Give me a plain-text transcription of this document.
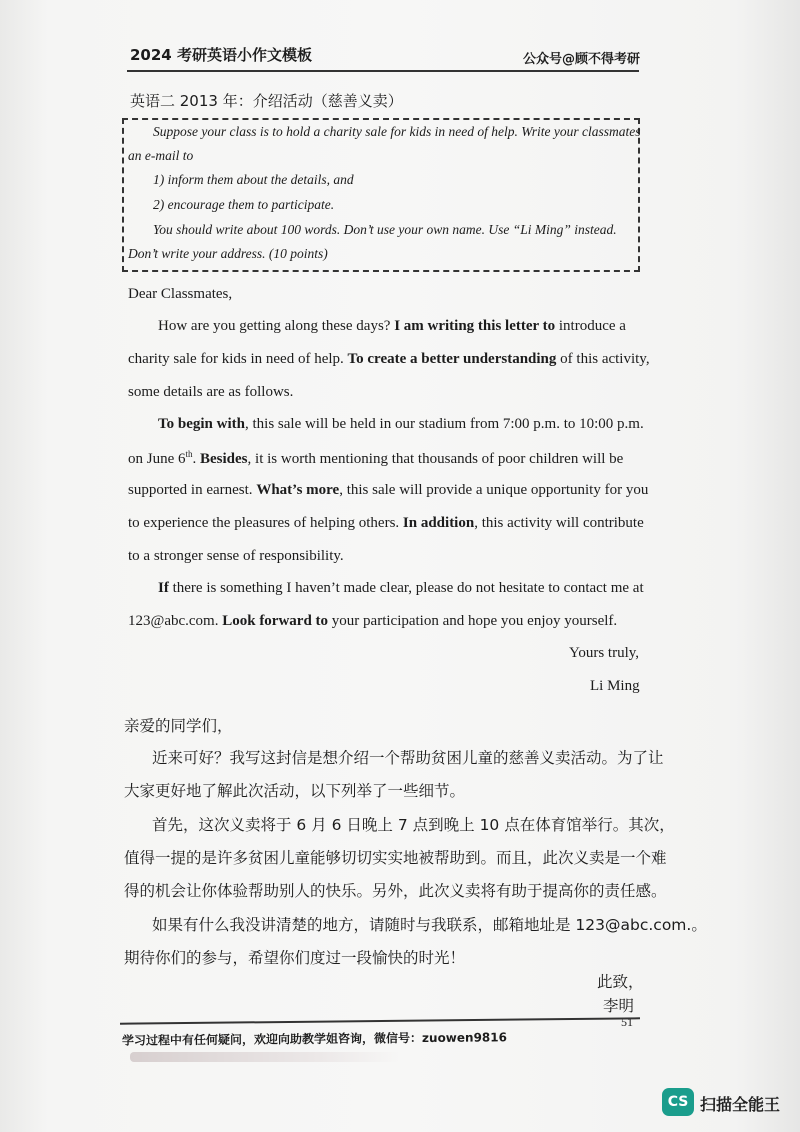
2024 考研英语小作文模板	公众号@顾不得考研
英语二 2013 年：介绍活动（慈善义卖）
Suppose your class is to hold a charity sale for kids in need of help. Write your classmates
an e-mail to
1) inform them about the details, and
2) encourage them to participate.
You should write about 100 words. Don’t use your own name. Use “Li Ming” instead.
Don’t write your address. (10 points)
Dear Classmates,
How are you getting along these days? I am writing this letter to introduce a
charity sale for kids in need of help. To create a better understanding of this activity,
some details are as follows.
To begin with, this sale will be held in our stadium from 7:00 p.m. to 10:00 p.m.
on June 6th. Besides, it is worth mentioning that thousands of poor children will be
supported in earnest. What’s more, this sale will provide a unique opportunity for you
to experience the pleasures of helping others. In addition, this activity will contribute
to a stronger sense of responsibility.
If there is something I haven’t made clear, please do not hesitate to contact me at
123@abc.com. Look forward to your participation and hope you enjoy yourself.
Yours truly,
Li Ming
亲爱的同学们，
近来可好？我写这封信是想介绍一个帮助贫困儿童的慈善义卖活动。为了让
大家更好地了解此次活动，以下列举了一些细节。
首先，这次义卖将于 6 月 6 日晚上 7 点到晚上 10 点在体育馆举行。其次，
值得一提的是许多贫困儿童能够切切实实地被帮助到。而且，此次义卖是一个难
得的机会让你体验帮助别人的快乐。另外，此次义卖将有助于提高你的责任感。
如果有什么我没讲清楚的地方，请随时与我联系，邮箱地址是 123@abc.com.。
期待你们的参与，希望你们度过一段愉快的时光！
此致，
李明
51
学习过程中有任何疑问，欢迎向助教学姐咨询，微信号：zuowen9816
CS 扫描全能王
